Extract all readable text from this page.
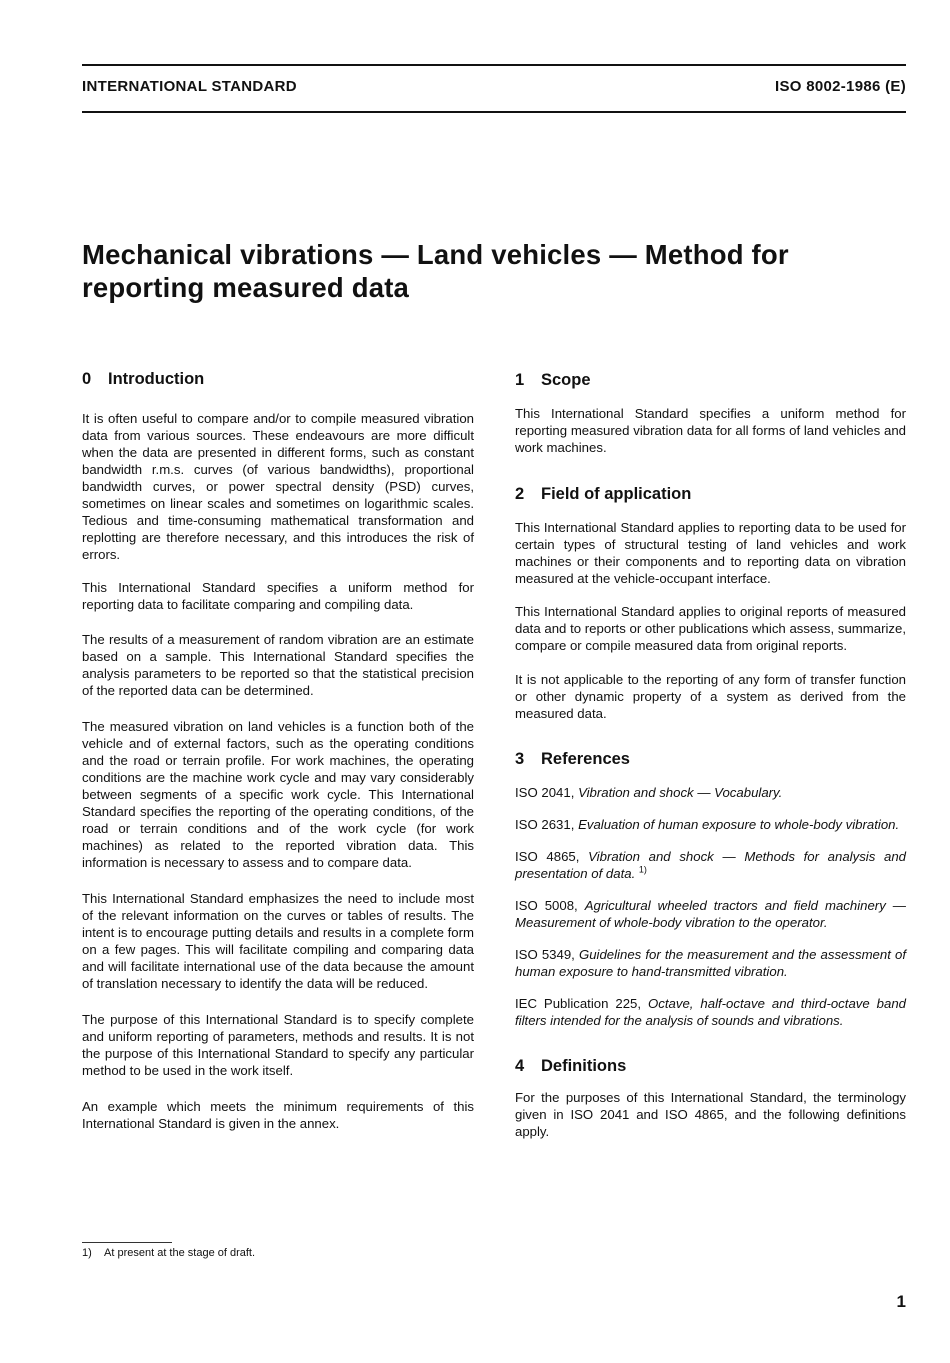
INTERNATIONAL STANDARD	ISO 8002-1986 (E)
Mechanical vibrations — Land vehicles — Method for reporting measured data
0 Introduction

It is often useful to compare and/or to compile measured vibration data from various sources. These endeavours are more difficult when the data are presented in different forms, such as constant bandwidth r.m.s. curves (of various bandwidths), proportional bandwidth curves, or power spectral density (PSD) curves, sometimes on linear scales and sometimes on logarithmic scales. Tedious and time-consuming mathematical transformation and replotting are therefore necessary, and this introduces the risk of errors.

This International Standard specifies a uniform method for reporting data to facilitate comparing and compiling data.

The results of a measurement of random vibration are an estimate based on a sample. This International Standard specifies the analysis parameters to be reported so that the statistical precision of the reported data can be determined.

The measured vibration on land vehicles is a function both of the vehicle and of external factors, such as the operating conditions and the road or terrain profile. For work machines, the operating conditions are the machine work cycle and may vary considerably between segments of a specific work cycle. This International Standard specifies the reporting of the operating conditions, of the road or terrain conditions and of the work cycle (for work machines) as related to the reported vibration data. This information is necessary to assess and to compare data.

This International Standard emphasizes the need to include most of the relevant information on the curves or tables of results. The intent is to encourage putting details and results in a complete form on a few pages. This will facilitate compiling and comparing data and will facilitate international use of the data because the amount of translation necessary to identify the data will be reduced.

The purpose of this International Standard is to specify complete and uniform reporting of parameters, methods and results. It is not the purpose of this International Standard to specify any particular method to be used in the work itself.

An example which meets the minimum requirements of this International Standard is given in the annex.

1 Scope

This International Standard specifies a uniform method for reporting measured vibration data for all forms of land vehicles and work machines.

2 Field of application

This International Standard applies to reporting data to be used for certain types of structural testing of land vehicles and work machines or their components and to reporting data on vibration measured at the vehicle-occupant interface.

This International Standard applies to original reports of measured data and to reports or other publications which assess, summarize, compare or compile measured data from original reports.

It is not applicable to the reporting of any form of transfer function or other dynamic property of a system as derived from the measured data.

3 References

ISO 2041, Vibration and shock — Vocabulary.

ISO 2631, Evaluation of human exposure to whole-body vibration.

ISO 4865, Vibration and shock — Methods for analysis and presentation of data. $^{1)}$

ISO 5008, Agricultural wheeled tractors and field machinery — Measurement of whole-body vibration to the operator.

ISO 5349, Guidelines for the measurement and the assessment of human exposure to hand-transmitted vibration.

IEC Publication 225, Octave, half-octave and third-octave band filters intended for the analysis of sounds and vibrations.

4 Definitions

For the purposes of this International Standard, the terminology given in ISO 2041 and ISO 4865, and the following definitions apply.

1) At present at the stage of draft.
1
